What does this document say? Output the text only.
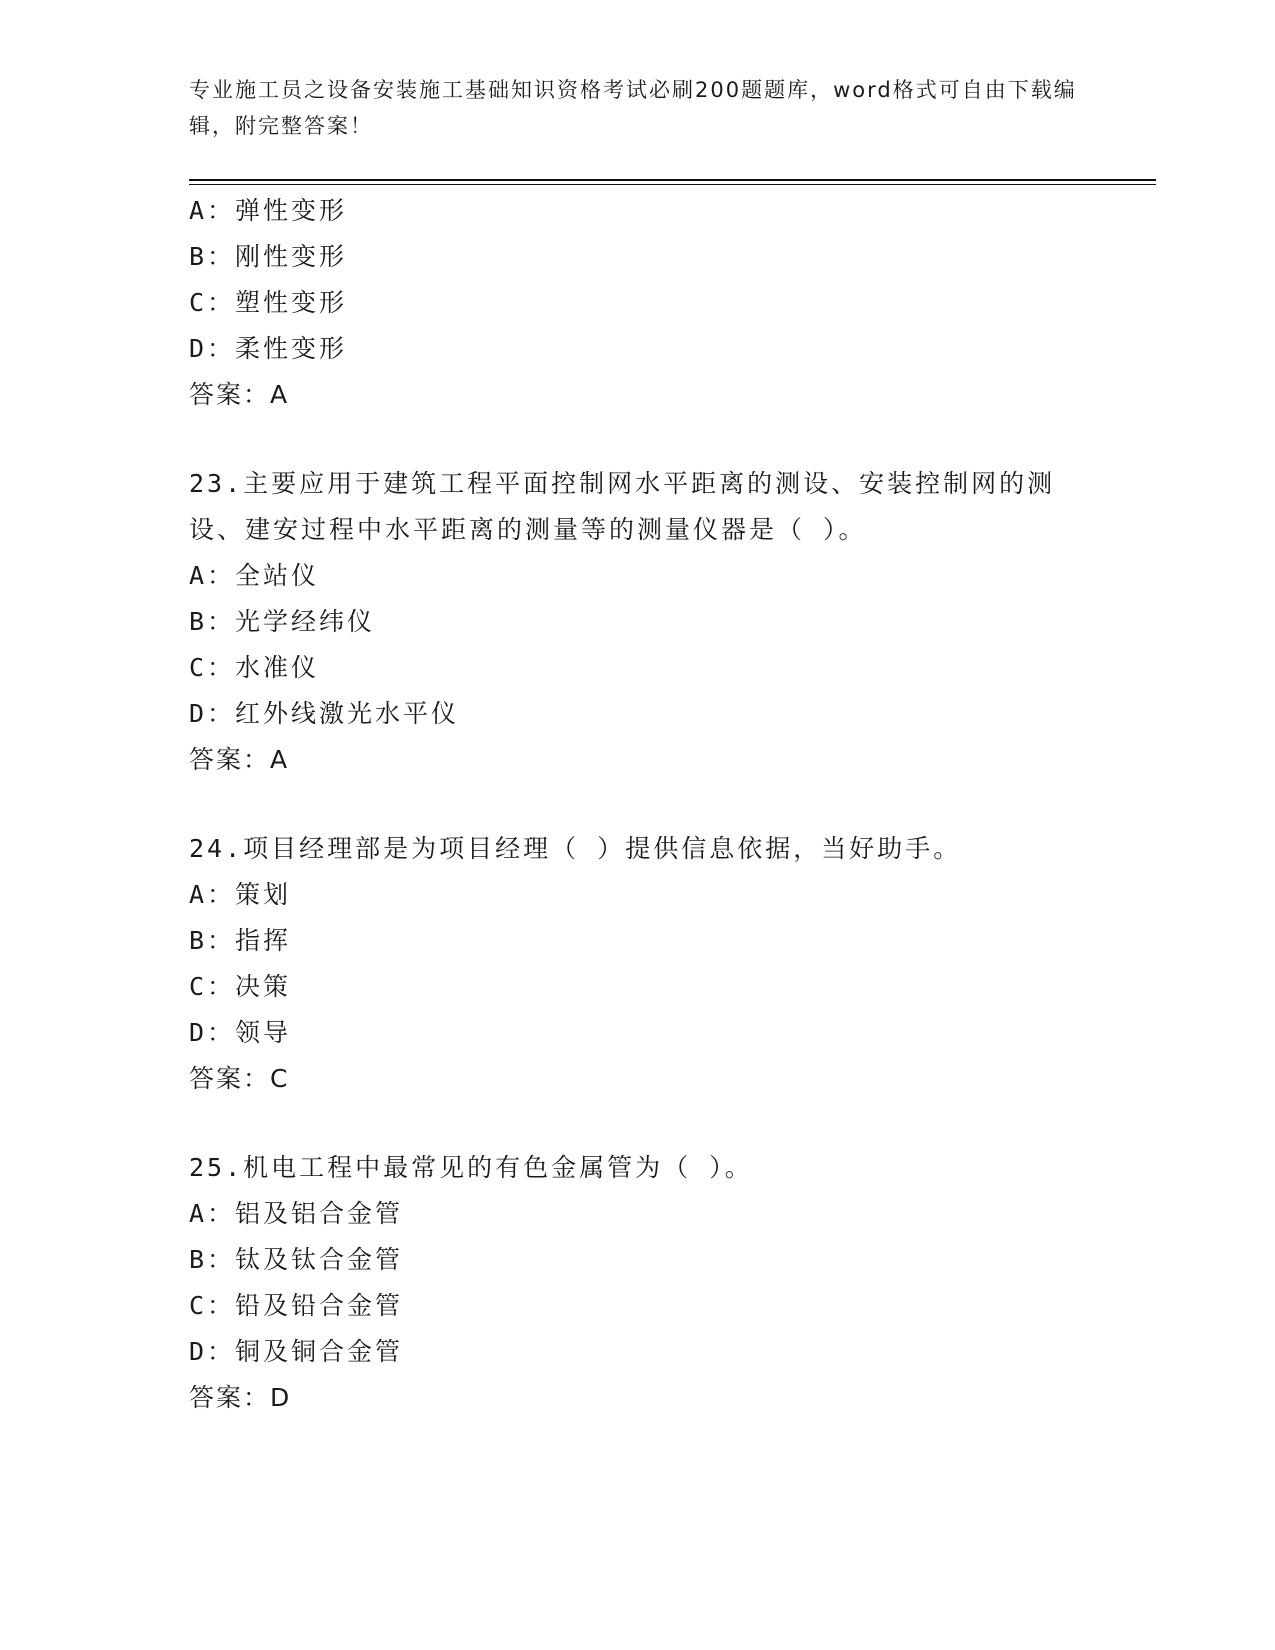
专业施工员之设备安装施工基础知识资格考试必刷200题题库，word格式可自由下载编辑，附完整答案！
A：弹性变形
B：刚性变形
C：塑性变形
D：柔性变形
答案：A
23.主要应用于建筑工程平面控制网水平距离的测设、安装控制网的测设、建安过程中水平距离的测量等的测量仪器是（ ）。
A：全站仪
B：光学经纬仪
C：水准仪
D：红外线激光水平仪
答案：A
24.项目经理部是为项目经理（ ）提供信息依据，当好助手。
A：策划
B：指挥
C：决策
D：领导
答案：C
25.机电工程中最常见的有色金属管为（ ）。
A：铝及铝合金管
B：钛及钛合金管
C：铅及铅合金管
D：铜及铜合金管
答案：D
